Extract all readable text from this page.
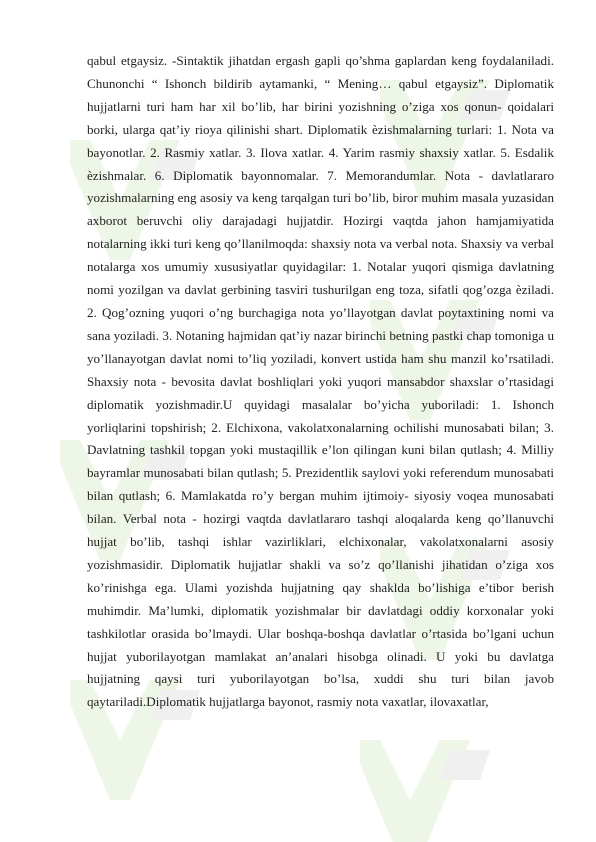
qabul etgaysiz. -Sintaktik jihatdan ergash gapli qo’shma gaplardan keng foydalaniladi. Chunonchi “ Ishonch bildirib aytamanki, “ Mening… qabul etgaysiz”. Diplomatik hujjatlarni turi ham har xil bo’lib, har birini yozishning o’ziga xos qonun- qoidalari borki, ularga qat’iy rioya qilinishi shart. Diplomatik ѐzishmalarning turlari: 1. Nota va bayonotlar. 2. Rasmiy xatlar. 3. Ilova xatlar. 4. Yarim rasmiy shaxsiy xatlar. 5. Esdalik ѐzishmalar. 6. Diplomatik bayonnomalar. 7. Memorandumlar. Nota - davlatlararo yozishmalarning eng asosiy va keng tarqalgan turi bo’lib, biror muhim masala yuzasidan axborot beruvchi oliy darajadagi hujjatdir. Hozirgi vaqtda jahon hamjamiyatida notalarning ikki turi keng qo’llanilmoqda: shaxsiy nota va verbal nota. Shaxsiy va verbal notalarga xos umumiy xususiyatlar quyidagilar: 1. Notalar yuqori qismiga davlatning nomi yozilgan va davlat gerbining tasviri tushurilgan eng toza, sifatli qog’ozga ѐziladi. 2. Qog’ozning yuqori o’ng burchagiga nota yo’llayotgan davlat poytaxtining nomi va sana yoziladi. 3. Notaning hajmidan qat’iy nazar birinchi betning pastki chap tomoniga u yo’llanayotgan davlat nomi to’liq yoziladi, konvert ustida ham shu manzil ko’rsatiladi. Shaxsiy nota - bevosita davlat boshliqlari yoki yuqori mansabdor shaxslar o’rtasidagi diplomatik yozishmadir.U quyidagi masalalar bo’yicha yuboriladi: 1. Ishonch yorliqlarini topshirish; 2. Elchixona, vakolatxonalarning ochilishi munosabati bilan; 3. Davlatning tashkil topgan yoki mustaqillik e’lon qilingan kuni bilan qutlash; 4. Milliy bayramlar munosabati bilan qutlash; 5. Prezidentlik saylovi yoki referendum munosabati bilan qutlash; 6. Mamlakatda ro’y bergan muhim ijtimoiy- siyosiy voqea munosabati bilan. Verbal nota - hozirgi vaqtda davlatlararo tashqi aloqalarda keng qo’llanuvchi hujjat bo’lib, tashqi ishlar vazirliklari, elchixonalar, vakolatxonalarni asosiy yozishmasidir. Diplomatik hujjatlar shakli va so’z qo’llanishi jihatidan o’ziga xos ko’rinishga ega. Ulami yozishda hujjatning qay shaklda bo’lishiga e’tibor berish muhimdir. Ma’lumki, diplomatik yozishmalar bir davlatdagi oddiy korxonalar yoki tashkilotlar orasida bo’lmaydi. Ular boshqa-boshqa davlatlar o’rtasida bo’lgani uchun hujjat yuborilayotgan mamlakat an’analari hisobga olinadi. U yoki bu davlatga hujjatning qaysi turi yuborilayotgan bo’lsa, xuddi shu turi bilan javob qaytariladi.Diplomatik hujjatlarga bayonot, rasmiy nota vaxatlar, ilovaxatlar,
